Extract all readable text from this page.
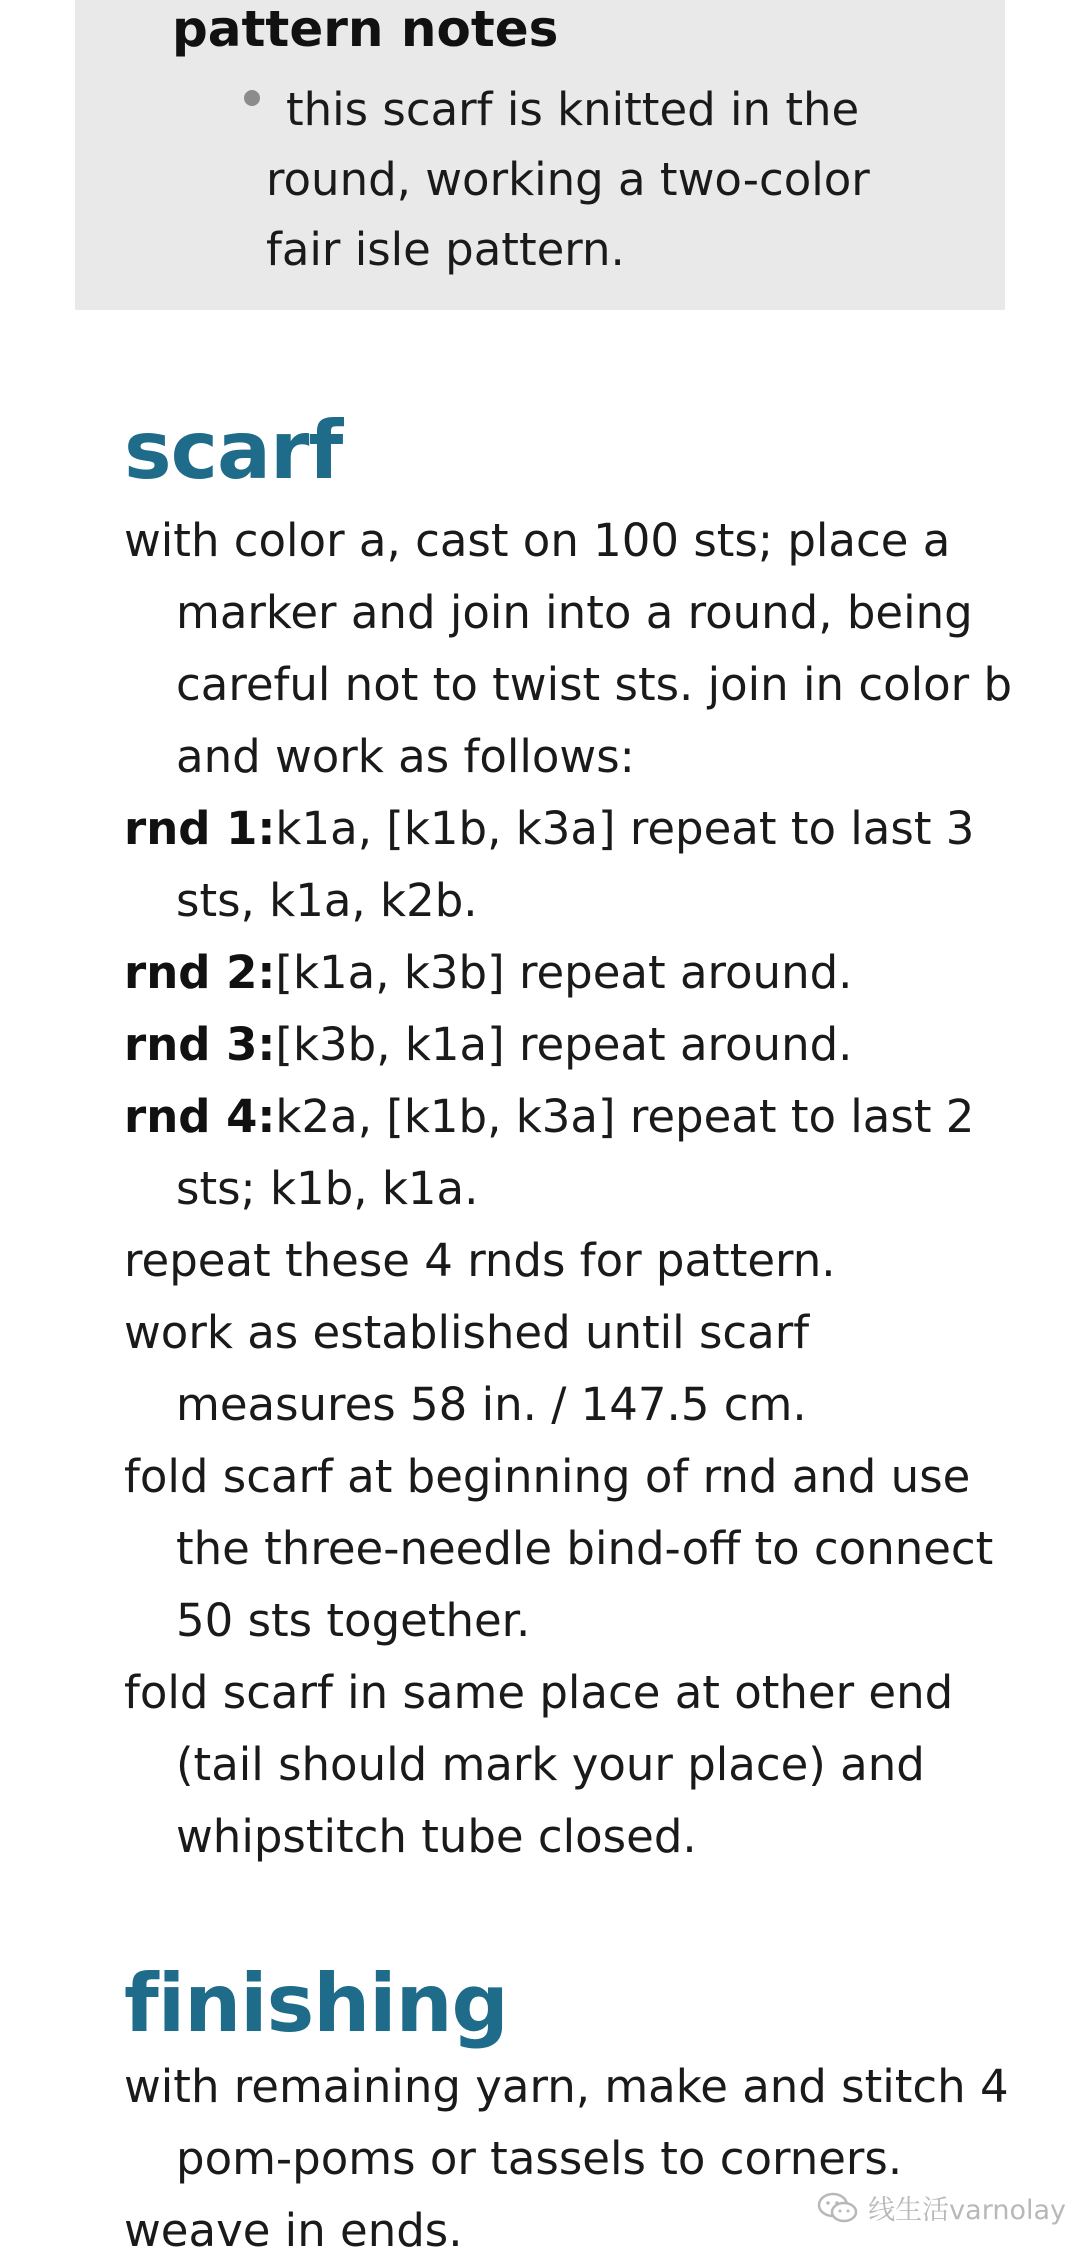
pattern notes
this scarf is knitted in the round, working a two-color fair isle pattern.
scarf

with color a, cast on 100 sts; place a marker and join into a round, being careful not to twist sts. join in color b and work as follows:

rnd 1:k1a, [k1b, k3a] repeat to last 3 sts, k1a, k2b.

rnd 2:[k1a, k3b] repeat around.

rnd 3:[k3b, k1a] repeat around.

rnd 4:k2a, [k1b, k3a] repeat to last 2 sts; k1b, k1a.

repeat these 4 rnds for pattern.

work as established until scarf measures 58 in. / 147.5 cm.

fold scarf at beginning of rnd and use the three-needle bind-off to connect 50 sts together.

fold scarf in same place at other end (tail should mark your place) and whipstitch tube closed.

finishing

with remaining yarn, make and stitch 4 pom-poms or tassels to corners.

weave in ends.	线生活varnolay
